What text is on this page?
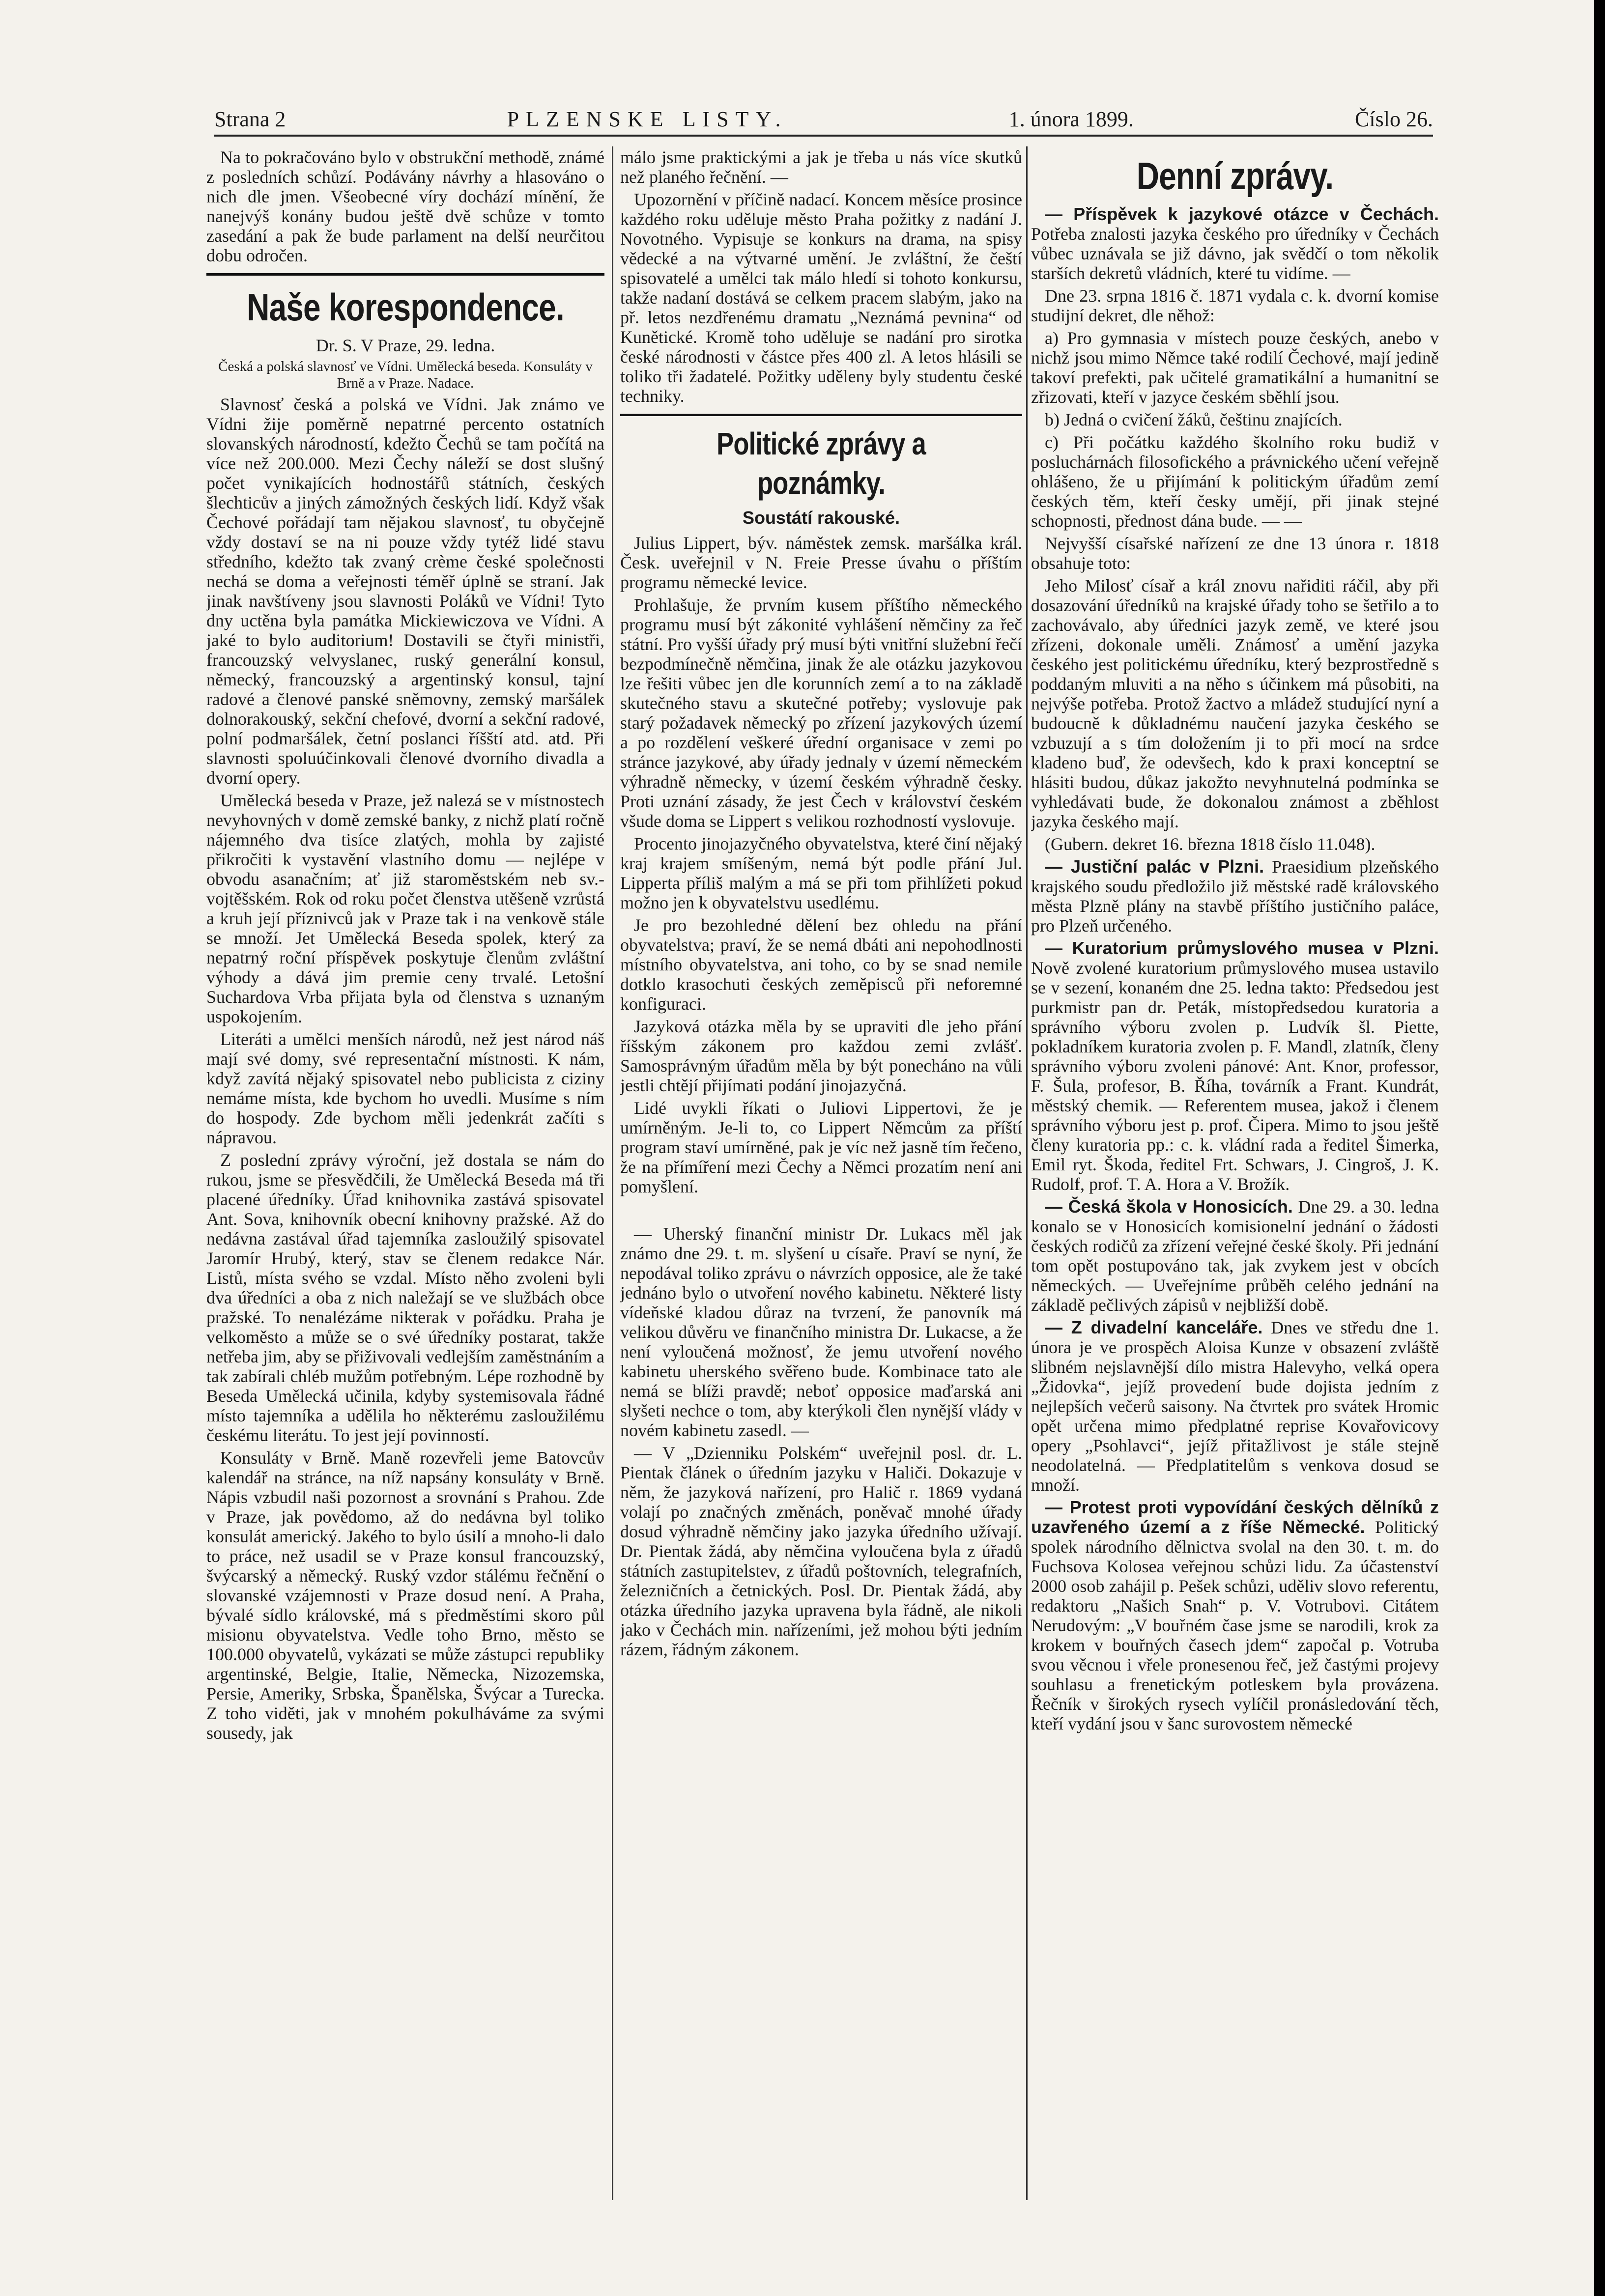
Strana 2	PLZENSKE LISTY.	1. února 1899.	Číslo 26.

Na to pokračováno bylo v obstrukční methodě, známé z posledních schůzí. Podávány návrhy a hlasováno o nich dle jmen. Všeobecné víry dochází mínění, že nanejvýš konány budou ještě dvě schůze v tomto zasedání a pak že bude parlament na delší neurčitou dobu odročen.

Naše korespondence.

Dr. S. V Praze, 29. ledna.

Česká a polská slavnosť ve Vídni. Umělecká beseda. Konsuláty v Brně a v Praze. Nadace.

Slavnosť česká a polská ve Vídni. Jak známo ve Vídni žije poměrně nepatrné percento ostatních slovanských národností, kdežto Čechů se tam počítá na více než 200.000. Mezi Čechy náleží se dost slušný počet vynikajících hodnostářů státních, českých šlechticův a jiných zámožných českých lidí. Když však Čechové pořádají tam nějakou slavnosť, tu obyčejně vždy dostaví se na ni pouze vždy tytéž lidé stavu středního, kdežto tak zvaný crème české společnosti nechá se doma a veřejnosti téměř úplně se straní. Jak jinak navštíveny jsou slavnosti Poláků ve Vídni! Tyto dny uctěna byla památka Mickiewiczova ve Vídni. A jaké to bylo auditorium! Dostavili se čtyři ministři, francouzský velvyslanec, ruský generální konsul, německý, francouzský a argentinský konsul, tajní radové a členové panské sněmovny, zemský maršálek dolnorakouský, sekční chefové, dvorní a sekční radové, polní podmaršálek, četní poslanci říšští atd. atd. Při slavnosti spoluúčinkovali členové dvorního divadla a dvorní opery.

Umělecká beseda v Praze, jež nalezá se v místnostech nevyhovných v domě zemské banky, z nichž platí ročně nájemného dva tisíce zlatých, mohla by zajisté přikročiti k vystavění vlastního domu — nejlépe v obvodu asanačním; ať již staroměstském neb sv.-vojtěšském. Rok od roku počet členstva utěšeně vzrůstá a kruh její příznivců jak v Praze tak i na venkově stále se množí. Jet Umělecká Beseda spolek, který za nepatrný roční příspěvek poskytuje členům zvláštní výhody a dává jim premie ceny trvalé. Letošní Suchardova Vrba přijata byla od členstva s uznaným uspokojením.

Literáti a umělci menších národů, než jest národ náš mají své domy, své representační místnosti. K nám, když zavítá nějaký spisovatel nebo publicista z ciziny nemáme místa, kde bychom ho uvedli. Musíme s ním do hospody. Zde bychom měli jedenkrát začíti s nápravou.

Z poslední zprávy výroční, jež dostala se nám do rukou, jsme se přesvědčili, že Umělecká Beseda má tři placené úředníky. Úřad knihovnika zastává spisovatel Ant. Sova, knihovník obecní knihovny pražské. Až do nedávna zastával úřad tajemníka zasloužilý spisovatel Jaromír Hrubý, který, stav se členem redakce Nár. Listů, místa svého se vzdal. Místo něho zvoleni byli dva úředníci a oba z nich naležají se ve službách obce pražské. To nenalézáme nikterak v pořádku. Praha je velkoměsto a může se o své úředníky postarat, takže netřeba jim, aby se přiživovali vedlejším zaměstnáním a tak zabírali chléb mužům potřebným. Lépe rozhodně by Beseda Umělecká učinila, kdyby systemisovala řádné místo tajemníka a udělila ho některému zasloužilému českému literátu. To jest její povinností.

Konsuláty v Brně. Maně rozevřeli jeme Batovcův kalendář na stránce, na níž napsány konsuláty v Brně. Nápis vzbudil naši pozornost a srovnání s Prahou. Zde v Praze, jak povědomo, až do nedávna byl tolikо konsulát americký. Jakého to bylo úsilí a mnoho-li dalo to práce, než usadil se v Praze konsul francouzský, švýcarský a německý. Ruský vzdor stálému řečnění o slovanské vzájemnosti v Praze dosud není. A Praha, bývalé sídlo královské, má s předměstími skoro půl misionu obyvatelstva. Vedle toho Brno, město se 100.000 obyvatelů, vykázati se může zástupci republiky argentinské, Belgie, Italie, Německa, Nizozemska, Persie, Ameriky, Srbska, Španělska, Švýcar a Turecka. Z toho viděti, jak v mnohém pokulháváme za svými sousedy, jak

málo jsme praktickými a jak je třeba u nás více skutků než planého řečnění. —

Upozornění v příčině nadací. Koncem měsíce prosince každého roku uděluje město Praha požitky z nadání J. Novotného. Vypisuje se konkurs na dramа, na spisy vědecké a na výtvarné umění. Je zvláštní, že čeští spisovatelé a umělci tak málo hledí si tohoto konkursu, takže nadaní dostává se celkem pracem slabým, jako na př. letos nezdřenému dramatu „Neznámá pevnina“ od Kunětické. Kromě toho uděluje se nadání pro sirotka české národnosti v částce přes 400 zl. A letos hlásili se toliko tři žadatelé. Požitky uděleny byly studentu české techniky.

Politické zprávy a poznámky.
Soustátí rakouské.

Julius Lippert, býv. náměstek zemsk. maršálka král. Česk. uveřejnil v N. Freie Presse úvahu o příštím programu německé levice.

Prohlašuje, že prvním kusem příštího německého programu musí být zákonité vyhlášení němčiny za řeč státní. Pro vyšší úřady prý musí býti vnitřní služební řečí bezpodmínečně němčina, jinak že ale otázku jazykovou lze řešiti vůbec jen dle korunních zemí a to na základě skutečného stavu a skutečné potřeby; vyslovuje pak starý požadavek německý po zřízení jazykových území a po rozdělení veškeré úřední organisace v zemi po stránce jazykové, aby úřady jednaly v území německém výhradně německy, v území českém výhradně česky. Proti uznání zásady, že jest Čech v království českém všude doma se Lippert s velikou rozhodností vyslovuje.

Procento jinojazyčného obyvatelstva, které činí nějaký kraj krajem smíšeným, nemá být podle přání Jul. Lipperta příliš malým a má se při tom přihlížeti pokud možno jen k obyvatelstvu usedlému.

Je pro bezohledné dělení bez ohledu na přání obyvatelstva; praví, že se nemá dbáti ani nepohodlnosti místního obyvatelstva, ani toho, co by se snad nemile dotklo krasochuti českých zeměpisců při neforemné konfiguraci.

Jazyková otázka měla by se upraviti dle jeho přání říšským zákonem pro každou zemi zvlášť. Samosprávným úřadům měla by být ponecháno na vůli jestli chtějí přijímati podání jinojazyčná.

Lidé uvykli říkati o Juliovi Lippertovi, že je umírněným. Je-li to, co Lippert Němcům za příští program staví umírněné, pak je víc než jasně tím řečeno, že na přímíření mezi Čechy a Němci prozatím není ani pomyšlení.

— Uherský finanční ministr Dr. Lukacs měl jak známo dne 29. t. m. slyšení u císaře. Praví se nyní, že nepodával toliko zprávu o návrzích opposice, ale že také jednáno bylo o utvoření nového kabinetu. Některé listy vídeňské kladou důraz na tvrzení, že panovník má velikou důvěru ve finančního ministra Dr. Lukacse, a že není vyloučená možnosť, že jemu utvoření nového kabinetu uherského svěřeno bude. Kombinace tato ale nemá se blíži pravdě; neboť opposice maďarská ani slyšeti nechce o tom, aby kterýkoli člen nynější vlády v novém kabinetu zasedl. —

— V „Dzienniku Polském“ uveřejnil posl. dr. L. Pientak článek o úředním jazyku v Haliči. Dokazuje v něm, že jazyková nařízení, pro Halič r. 1869 vydaná volají po značných změnách, poněvač mnohé úřady dosud výhradně němčiny jako jazyka úředního užívají. Dr. Pientak žádá, aby němčina vyloučena byla z úřadů státních zastupitelstev, z úřadů poštovních, telegrafních, železničních a četnických. Posl. Dr. Pientak žádá, aby otázka úředního jazyka upravena byla řádně, ale nikoli jako v Čechách min. nařízeními, jež mohou býti jedním rázem, řádným zákonem.

Denní zprávy.

— Příspěvek k jazykové otázce v Čechách. Potřeba znalosti jazyka českého pro úředníky v Čechách vůbec uznávala se již dávno, jak svědčí o tom několik starších dekretů vládních, které tu vidíme. —

Dne 23. srpna 1816 č. 1871 vydala c. k. dvorní komise studijní dekret, dle něhož:

a) Pro gymnasia v místech pouze českých, anebo v nichž jsou mimo Němce také rodilí Čechové, mají jedině takoví prefekti, pak učitelé gramatikální a humanitní se zřizovati, kteří v jazyce českém sběhlí jsou.

b) Jedná o cvičení žáků, češtinu znajících.

c) Při počátku každého školního roku budiž v posluchárnách filosofického a právnického učení veřejně ohlášeno, že u přijímání k politickým úřadům zemí českých těm, kteří česky umějí, při jinak stejné schopnosti, přednost dána bude. — —

Nejvyšší císařské nařízení ze dne 13 února r. 1818 obsahuje toto:

Jeho Milosť císař a král znovu nařiditi ráčil, aby při dosazování úředníků na krajské úřady toho se šetřilo a to zachovávalo, aby úředníci jazyk země, ve které jsou zřízeni, dokonale uměli. Známosť a umění jazyka českého jest politickému úředníku, který bezprostředně s poddaným mluviti a na něho s účinkem má působiti, na nejvýše potřeba. Protož žactvo a mládež studující nyní a budoucně k důkladnému naučení jazyka českého se vzbuzují a s tím doložením ji to při mocí na srdce kladeno buď, že odevšech, kdo k praxi konceptní se hlásiti budou, důkaz jakožto nevyhnutelná podmínka se vyhledávati bude, že dokonalou známost a zběhlost jazyka českého mají.

(Gubern. dekret 16. března 1818 číslo 11.048).

— Justiční palác v Plzni. Praesidium plzeňského krajského soudu předložilo již městské radě královského města Plzně plány na stavbě příštího justičního paláce, pro Plzeň určeného.

— Kuratorium průmyslového musea v Plzni. Nově zvolené kuratorium průmyslového musea ustavilo se v sezení, konaném dne 25. ledna takto: Předsedou jest purkmistr pan dr. Peták, místopředsedou kuratoria a správního výboru zvolen p. Ludvík šl. Piette, pokladníkem kuratoria zvolen p. F. Mandl, zlatník, členy správního výboru zvoleni pánové: Ant. Knor, professor, F. Šula, profesor, B. Říha, továrník a Frant. Kundrát, městský chemik. — Referentem musea, jakož i členem správního výboru jest p. prof. Čipera. Mimo to jsou ještě členy kuratoria pp.: c. k. vládní rada a ředitel Šimerka, Emil ryt. Škoda, ředitel Frt. Schwars, J. Cingroš, J. K. Rudolf, prof. T. A. Hora a V. Brožík.

— Česká škola v Honosicích. Dne 29. a 30. ledna konalo se v Honosicích komisionelní jednání o žádosti českých rodičů za zřízení veřejné české školy. Při jednání tom opět postupováno tak, jak zvykem jest v obcích německých. — Uveřejníme průběh celého jednání na základě pečlivých zápisů v nejbližší době.

— Z divadelní kanceláře. Dnes ve středu dne 1. února je ve prospěch Aloisa Kunze v obsazení zvláště slibném nejslavnější dílo mistra Halevyho, velká opera „Židovka“, jejíž provedení bude dojista jedním z nejlepších večerů saisony. Na čtvrtek pro svátek Hromic opět určena mimo předplatné reprise Kovařovicovy opery „Psohlavci“, jejíž přitažlivost je stále stejně neodolatelná. — Předplatitelům s venkova dosud se množí.

— Protest proti vypovídání českých dělníků z uzavřeného území a z říše Německé. Politický spolek národního dělnictva svolal na den 30. t. m. do Fuchsova Kolosea veřejnou schůzi lidu. Za účastenství 2000 osob zahájil p. Pešek schůzi, uděliv slovo referentu, redaktoru „Našich Snah“ p. V. Votrubovi. Citátem Nerudovým: „V bouřném čase jsme se narodili, krok za krokem v bouřných časech jdem“ započal p. Votruba svou věcnou i vřele pronesenou řeč, jež častými projevy souhlasu a frenetickým potleskem byla provázena. Řečník v širokých rysech vylíčil pronásledování těch, kteří vydání jsou v šanc surovostem německé
